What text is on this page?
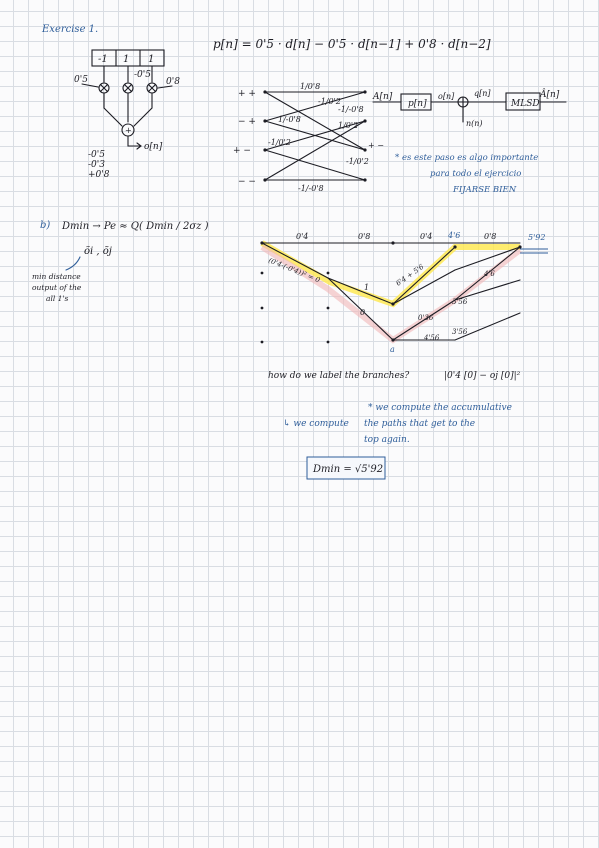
Exercise 1.
p[n] = 0'5 · d[n] − 0'5 · d[n−1] + 0'8 · d[n−2]
-1 1 1
0'5	-0'5
0'8
+
o[n]
-0'5
-0'3
+0'8
+ +
− +
+ −
− −
1/0'8
-1/0'2
-1/-0'8
1/-0'8
-1/0'2
1/0'2
-1/0'2
-1/-0'8
+ −
A[n]
p[n]
o[n]
n(n)
q[n]
MLSD
Â[n]
* es este paso es algo importante
para todo el ejercicio
FIJARSE BIEN
b) Dmin → Pe ≈ Q( Dmin / 2σz )
õi , õj
min distance
output of the
all 1's
0'4	0'8	0'4	0'8
4'6	5'92
(0'4-(-0'4))² = 0
1
0
6'4 + 5'6	4'6
0'36
3'56
4'56
3'56
a
how do we label the branches?	|0'4 [0] − oj [0]|²
* we compute the accumulative
↳ we compute the paths that get to the
top again.
Dmin = √5'92
